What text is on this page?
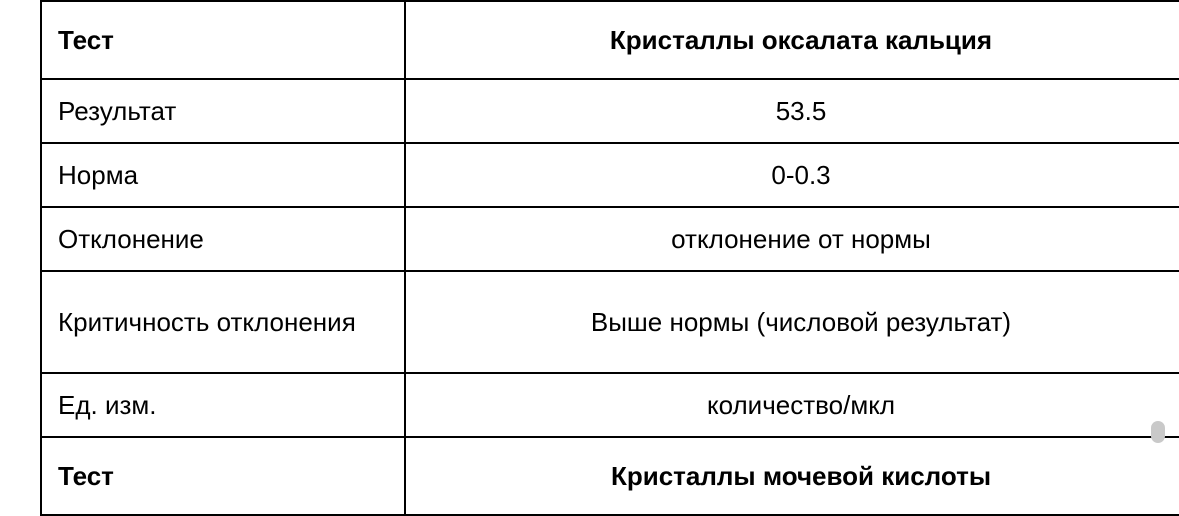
Тест	Кристаллы оксалата кальция
Результат	53.5
Норма	0-0.3
Отклонение	отклонение от нормы
Критичность отклонения	Выше нормы (числовой результат)
Ед. изм.	количество/мкл
Тест	Кристаллы мочевой кислоты
